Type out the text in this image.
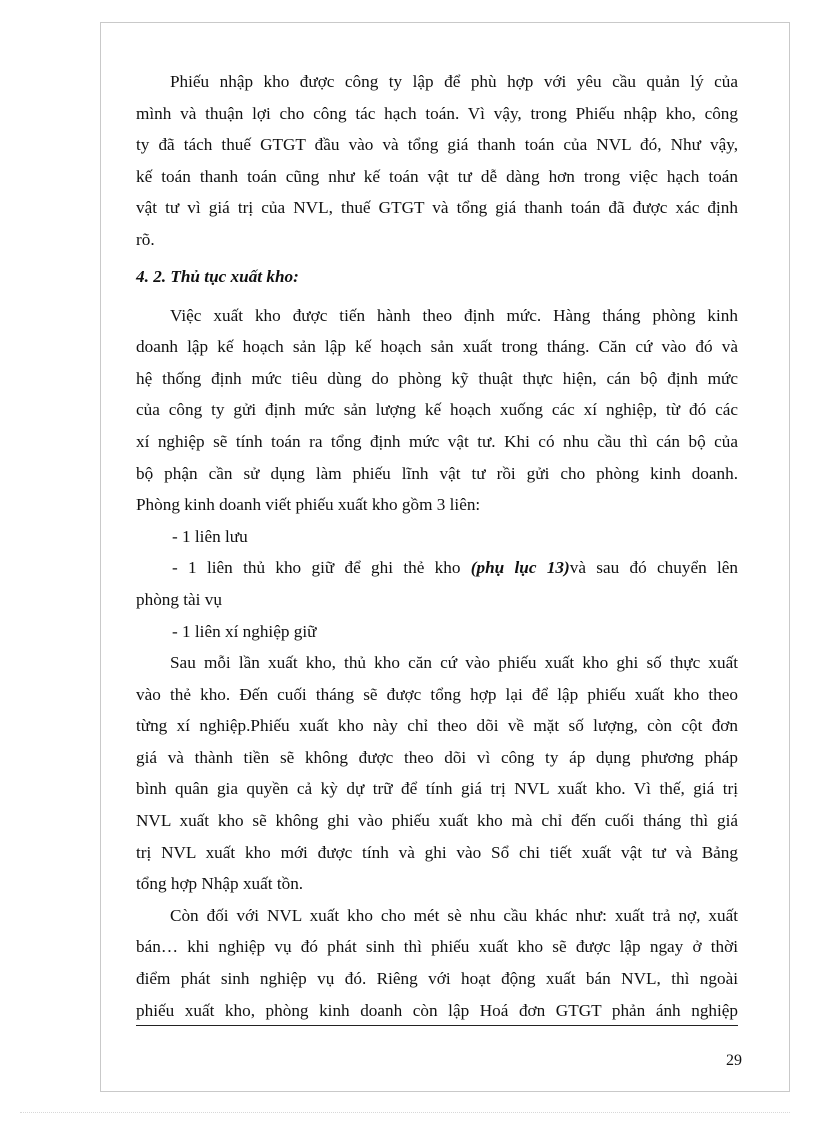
Phiếu nhập kho được công ty lập để phù hợp với yêu cầu quản lý của
mình và thuận lợi cho công tác hạch toán. Vì vậy, trong Phiếu nhập kho, công
ty đã tách thuế GTGT đầu vào và tổng giá thanh toán của NVL đó, Như vậy,
kế toán thanh toán cũng như kế toán vật tư dễ dàng hơn trong việc hạch toán
vật tư vì giá trị của NVL, thuế GTGT và tổng giá thanh toán đã được xác định
rõ.
4. 2. Thủ tục xuất kho:
Việc xuất kho được tiến hành theo định mức. Hàng tháng phòng kinh
doanh lập kế hoạch sản lập kế hoạch sản xuất trong tháng. Căn cứ vào đó và
hệ thống định mức tiêu dùng do phòng kỹ thuật thực hiện, cán bộ định mức
của công ty gửi định mức sản lượng kế hoạch xuống các xí nghiệp, từ đó các
xí nghiệp sẽ tính toán ra tổng định mức vật tư. Khi có nhu cầu thì cán bộ của
bộ phận cần sử dụng làm phiếu lĩnh vật tư rồi gửi cho phòng kinh doanh.
Phòng kinh doanh viết phiếu xuất kho gồm 3 liên:
- 1 liên lưu
- 1 liên thủ kho giữ để ghi thẻ kho (phụ lục 13)và sau đó chuyển lên
phòng tài vụ
- 1 liên xí nghiệp giữ
Sau mỗi lần xuất kho, thủ kho căn cứ vào phiếu xuất kho ghi số thực xuất
vào thẻ kho. Đến cuối tháng sẽ được tổng hợp lại để lập phiếu xuất kho theo
từng xí nghiệp.Phiếu xuất kho này chỉ theo dõi về mặt số lượng, còn cột đơn
giá và thành tiền sẽ không được theo dõi vì công ty áp dụng phương pháp
bình quân gia quyền cả kỳ dự trữ để tính giá trị NVL xuất kho. Vì thế, giá trị
NVL xuất kho sẽ không ghi vào phiếu xuất kho mà chỉ đến cuối tháng thì giá
trị NVL xuất kho mới được tính và ghi vào Sổ chi tiết xuất vật tư và Bảng
tổng hợp Nhập xuất tồn.
Còn đối với NVL xuất kho cho mét sè nhu cầu khác như: xuất trả nợ, xuất
bán… khi nghiệp vụ đó phát sinh thì phiếu xuất kho sẽ được lập ngay ở thời
điểm phát sinh nghiệp vụ đó. Riêng với hoạt động xuất bán NVL, thì ngoài
phiếu xuất kho, phòng kinh doanh còn lập Hoá đơn GTGT phản ánh nghiệp
29
